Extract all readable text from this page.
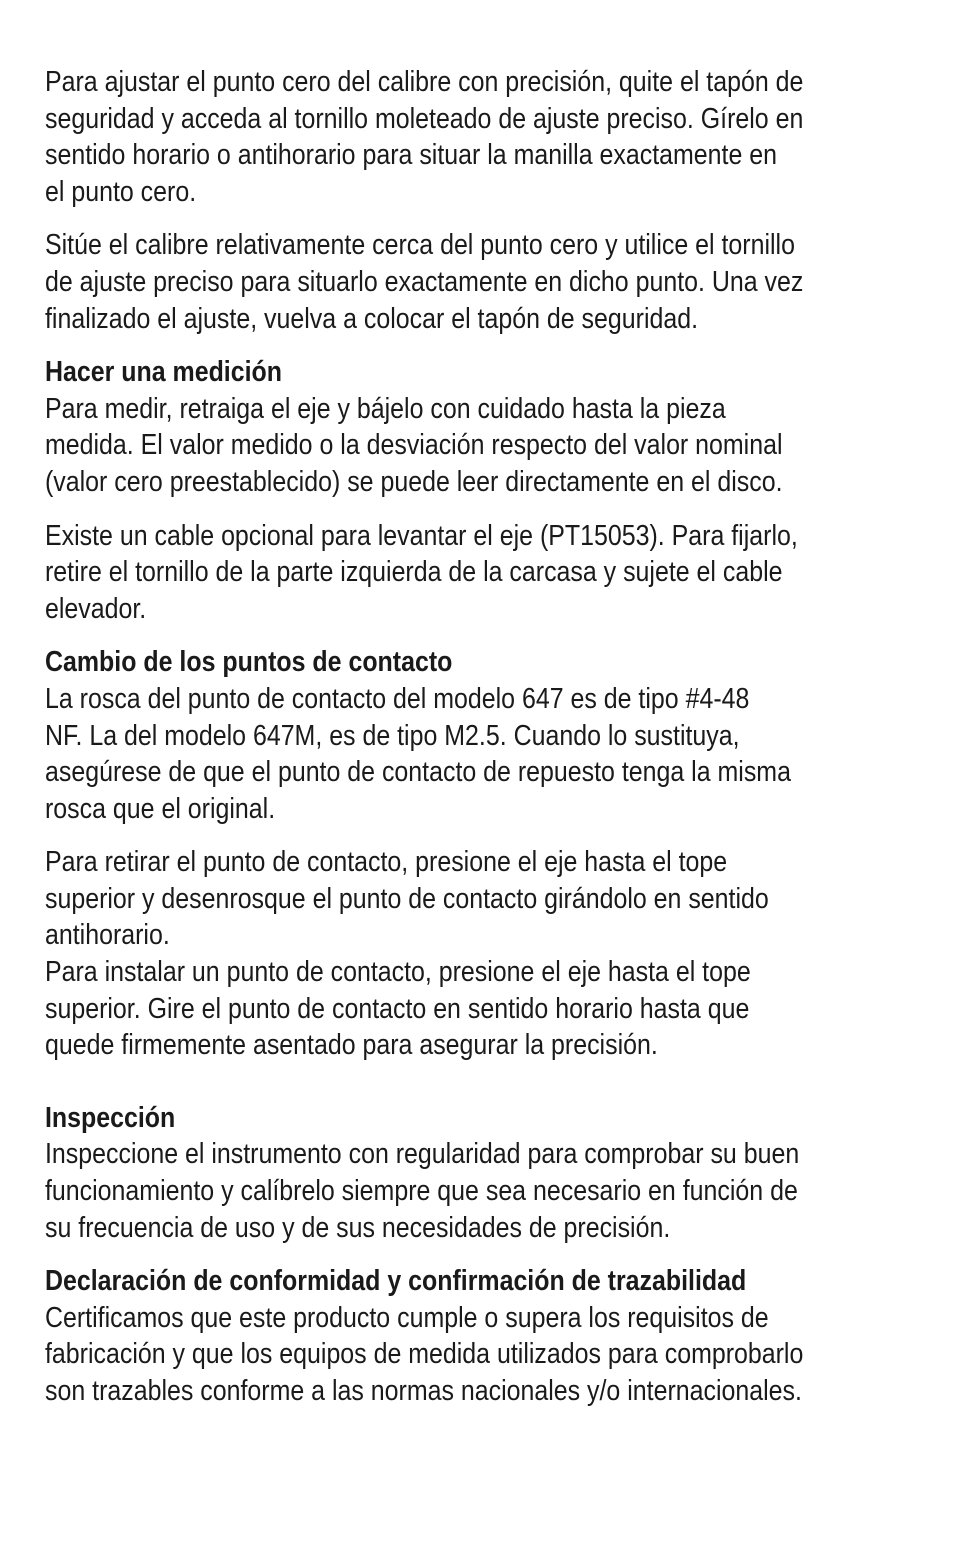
Para ajustar el punto cero del calibre con precisión, quite el tapón de
seguridad y acceda al tornillo moleteado de ajuste preciso. Gírelo en
sentido horario o antihorario para situar la manilla exactamente en
el punto cero.

Sitúe el calibre relativamente cerca del punto cero y utilice el tornillo
de ajuste preciso para situarlo exactamente en dicho punto. Una vez
finalizado el ajuste, vuelva a colocar el tapón de seguridad.

Hacer una medición
Para medir, retraiga el eje y bájelo con cuidado hasta la pieza
medida. El valor medido o la desviación respecto del valor nominal
(valor cero preestablecido) se puede leer directamente en el disco.

Existe un cable opcional para levantar el eje (PT15053). Para fijarlo,
retire el tornillo de la parte izquierda de la carcasa y sujete el cable
elevador.

Cambio de los puntos de contacto
La rosca del punto de contacto del modelo 647 es de tipo #4-48
NF. La del modelo 647M, es de tipo M2.5. Cuando lo sustituya,
asegúrese de que el punto de contacto de repuesto tenga la misma
rosca que el original.

Para retirar el punto de contacto, presione el eje hasta el tope
superior y desenrosque el punto de contacto girándolo en sentido
antihorario.
Para instalar un punto de contacto, presione el eje hasta el tope
superior. Gire el punto de contacto en sentido horario hasta que
quede firmemente asentado para asegurar la precisión.

Inspección
Inspeccione el instrumento con regularidad para comprobar su buen
funcionamiento y calíbrelo siempre que sea necesario en función de
su frecuencia de uso y de sus necesidades de precisión.

Declaración de conformidad y confirmación de trazabilidad
Certificamos que este producto cumple o supera los requisitos de
fabricación y que los equipos de medida utilizados para comprobarlo
son trazables conforme a las normas nacionales y/o internacionales.
